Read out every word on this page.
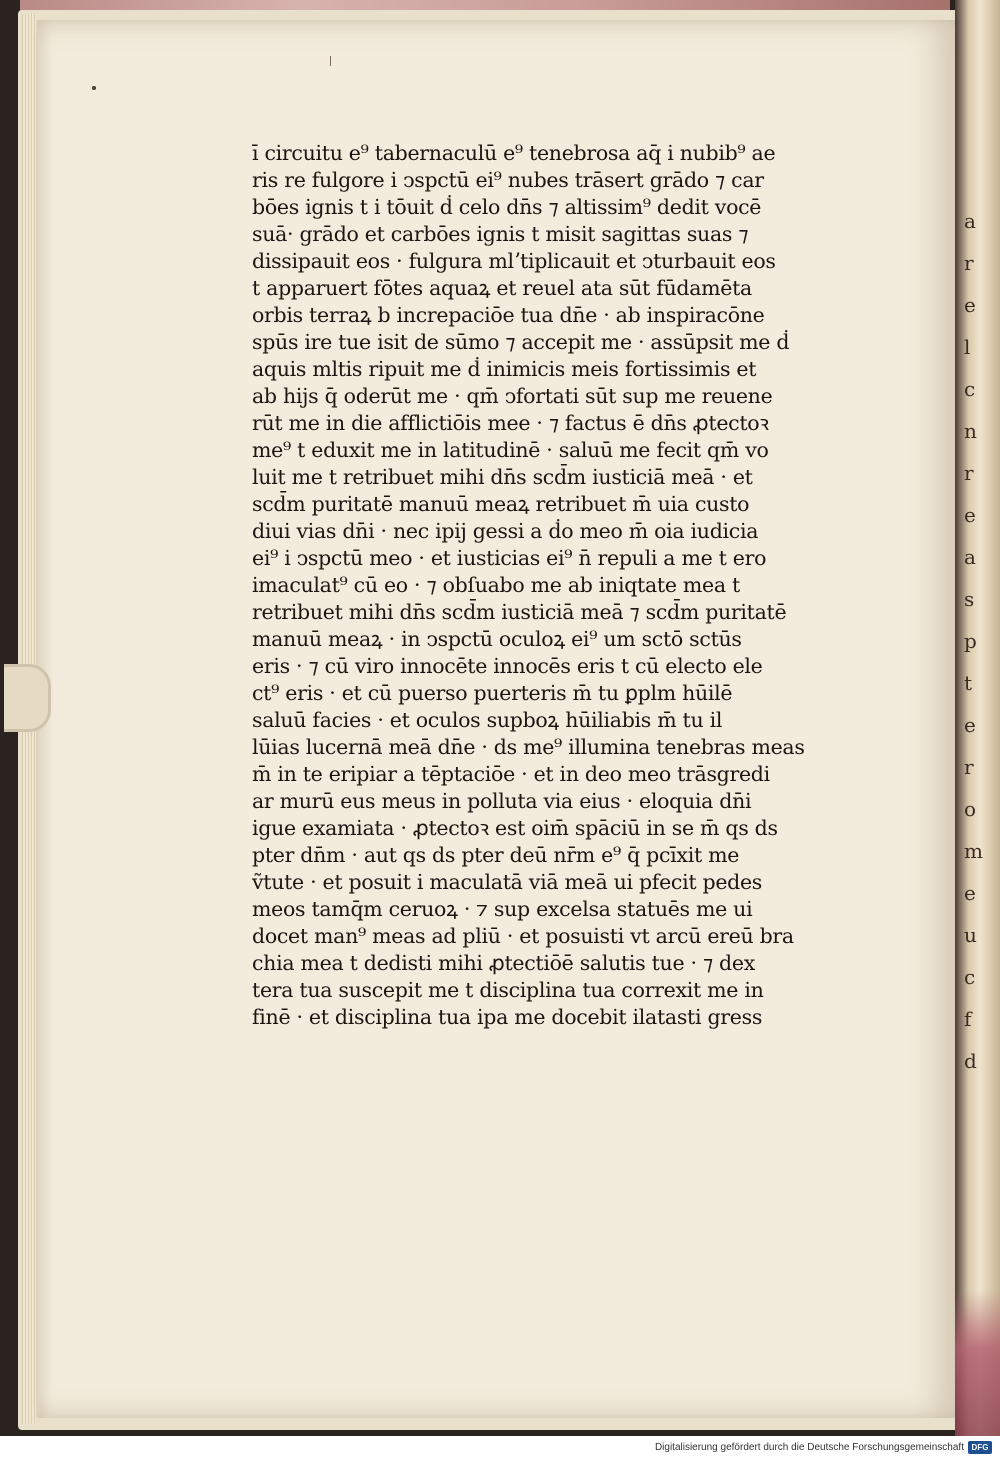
a
r
e
l
c
n
r
e
a
s
p
t
e
r
o
m
e
u
c
f
d
ī circuitu e⁹ tabernaculū e⁹ tenebrosa aq̄ i nubib⁹ ae
ris re fulgore i ↄspctū ei⁹ nubes trāsert grādo ⁊ car
bōes ignis t i tōuit ḋ celo dn̄s ⁊ altissim⁹ dedit vocē
suā· grādo et carbōes ignis t misit sagittas suas ⁊
dissipauit eos · fulgura mlʼtiplicauit et ↄturbauit eos
t apparuert fōtes aquaꝝ et reuel ata sūt fūdamēta
orbis terraꝝ b increpaciōe tua dn̄e · ab inspiracōne
spūs ire tue isit de sūmo ⁊ accepit me · assūpsit me ḋ
aquis mltis ripuit me ḋ inimicis meis fortissimis et
ab hijs q̄ oderūt me · qm̄ ↄfortati sūt sup me reuene
rūt me in die afflictiōis mee · ⁊ factus ē dn̄s ꝓtectoꝛ
me⁹ t eduxit me in latitudinē · saluū me fecit qm̄ vo
luit me t retribuet mihi dn̄s scd̄m iusticiā meā · et
scd̄m puritatē manuū meaꝝ retribuet m̄ uia custo
diui vias dn̄i · nec ipij gessi a ḋo meo m̄ oia iudicia
ei⁹ i ↄspctū meo · et iusticias ei⁹ n̄ repuli a me t ero
imaculat⁹ cū eo · ⁊ obſuabo me ab iniqtate mea t
retribuet mihi dn̄s scd̄m iusticiā meā ⁊ scd̄m puritatē
manuū meaꝝ · in ↄspctū oculoꝝ ei⁹ um sctō sctūs
eris · ⁊ cū viro innocēte innocēs eris t cū electo ele
ct⁹ eris · et cū puerso puerteris m̄ tu ꝑplm hūilē
saluū facies · et oculos supboꝝ hūiliabis m̄ tu il
lūias lucernā meā dn̄e · ds me⁹ illumina tenebras meas
m̄ in te eripiar a tēptaciōe · et in deo meo trāsgredi
ar murū eus meus in polluta via eius · eloquia dn̄i
igue examiata · ꝓtectoꝛ est oim̄ spāciū in se m̄ qs ds
pter dn̄m · aut qs ds pter deū nr̄m e⁹ q̄ pcīxit me
ṽtute · et posuit i maculatā viā meā ui pfecit pedes
meos tamq̄m ceruoꝝ · ⁊ sup excelsa statuēs me ui
docet man⁹ meas ad pliū · et posuisti vt arcū ereū bra
chia mea t dedisti mihi ꝓtectiōē salutis tue · ⁊ dex
tera tua suscepit me t disciplina tua correxit me in
finē · et disciplina tua ipa me docebit ilatasti gress
Digitalisierung gefördert durch die Deutsche Forschungsgemeinschaft DFG
